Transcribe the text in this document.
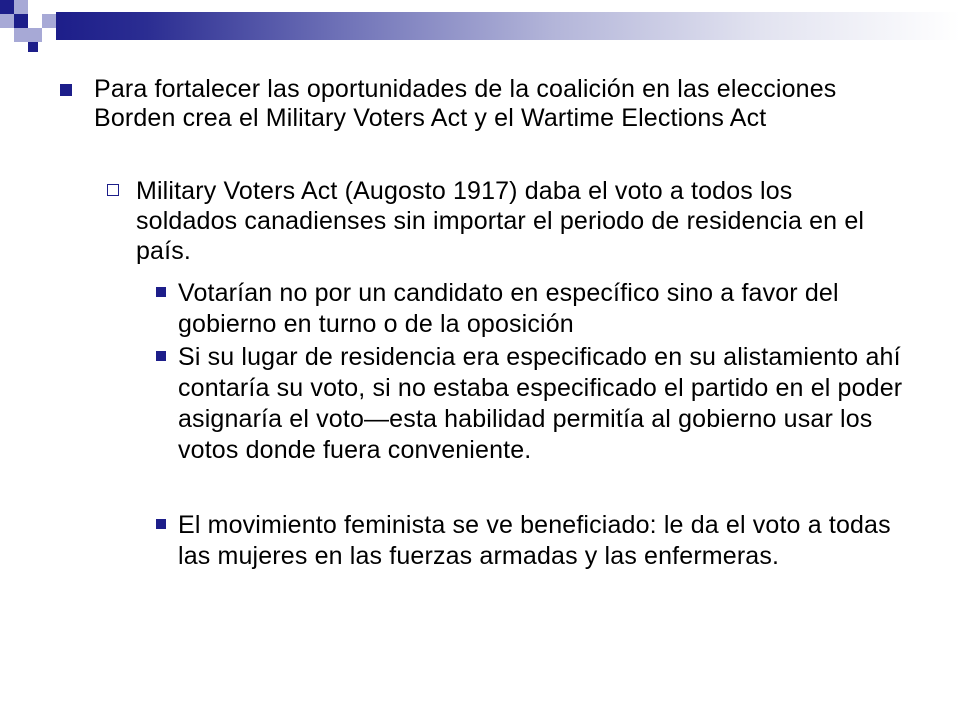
Para fortalecer las oportunidades de la coalición en las elecciones Borden crea el Military Voters Act y el Wartime Elections Act
Military Voters Act (Augosto 1917) daba el voto a todos los soldados canadienses sin importar el periodo de residencia en el país.
Votarían no por un candidato en específico sino a favor del gobierno en turno o de la oposición
Si su lugar de residencia era especificado en su alistamiento ahí contaría su voto, si no estaba especificado el partido en el poder asignaría el voto—esta habilidad permitía al gobierno usar los votos donde fuera conveniente.
El movimiento feminista se ve beneficiado: le da el voto a todas las mujeres en las fuerzas armadas y las enfermeras.
